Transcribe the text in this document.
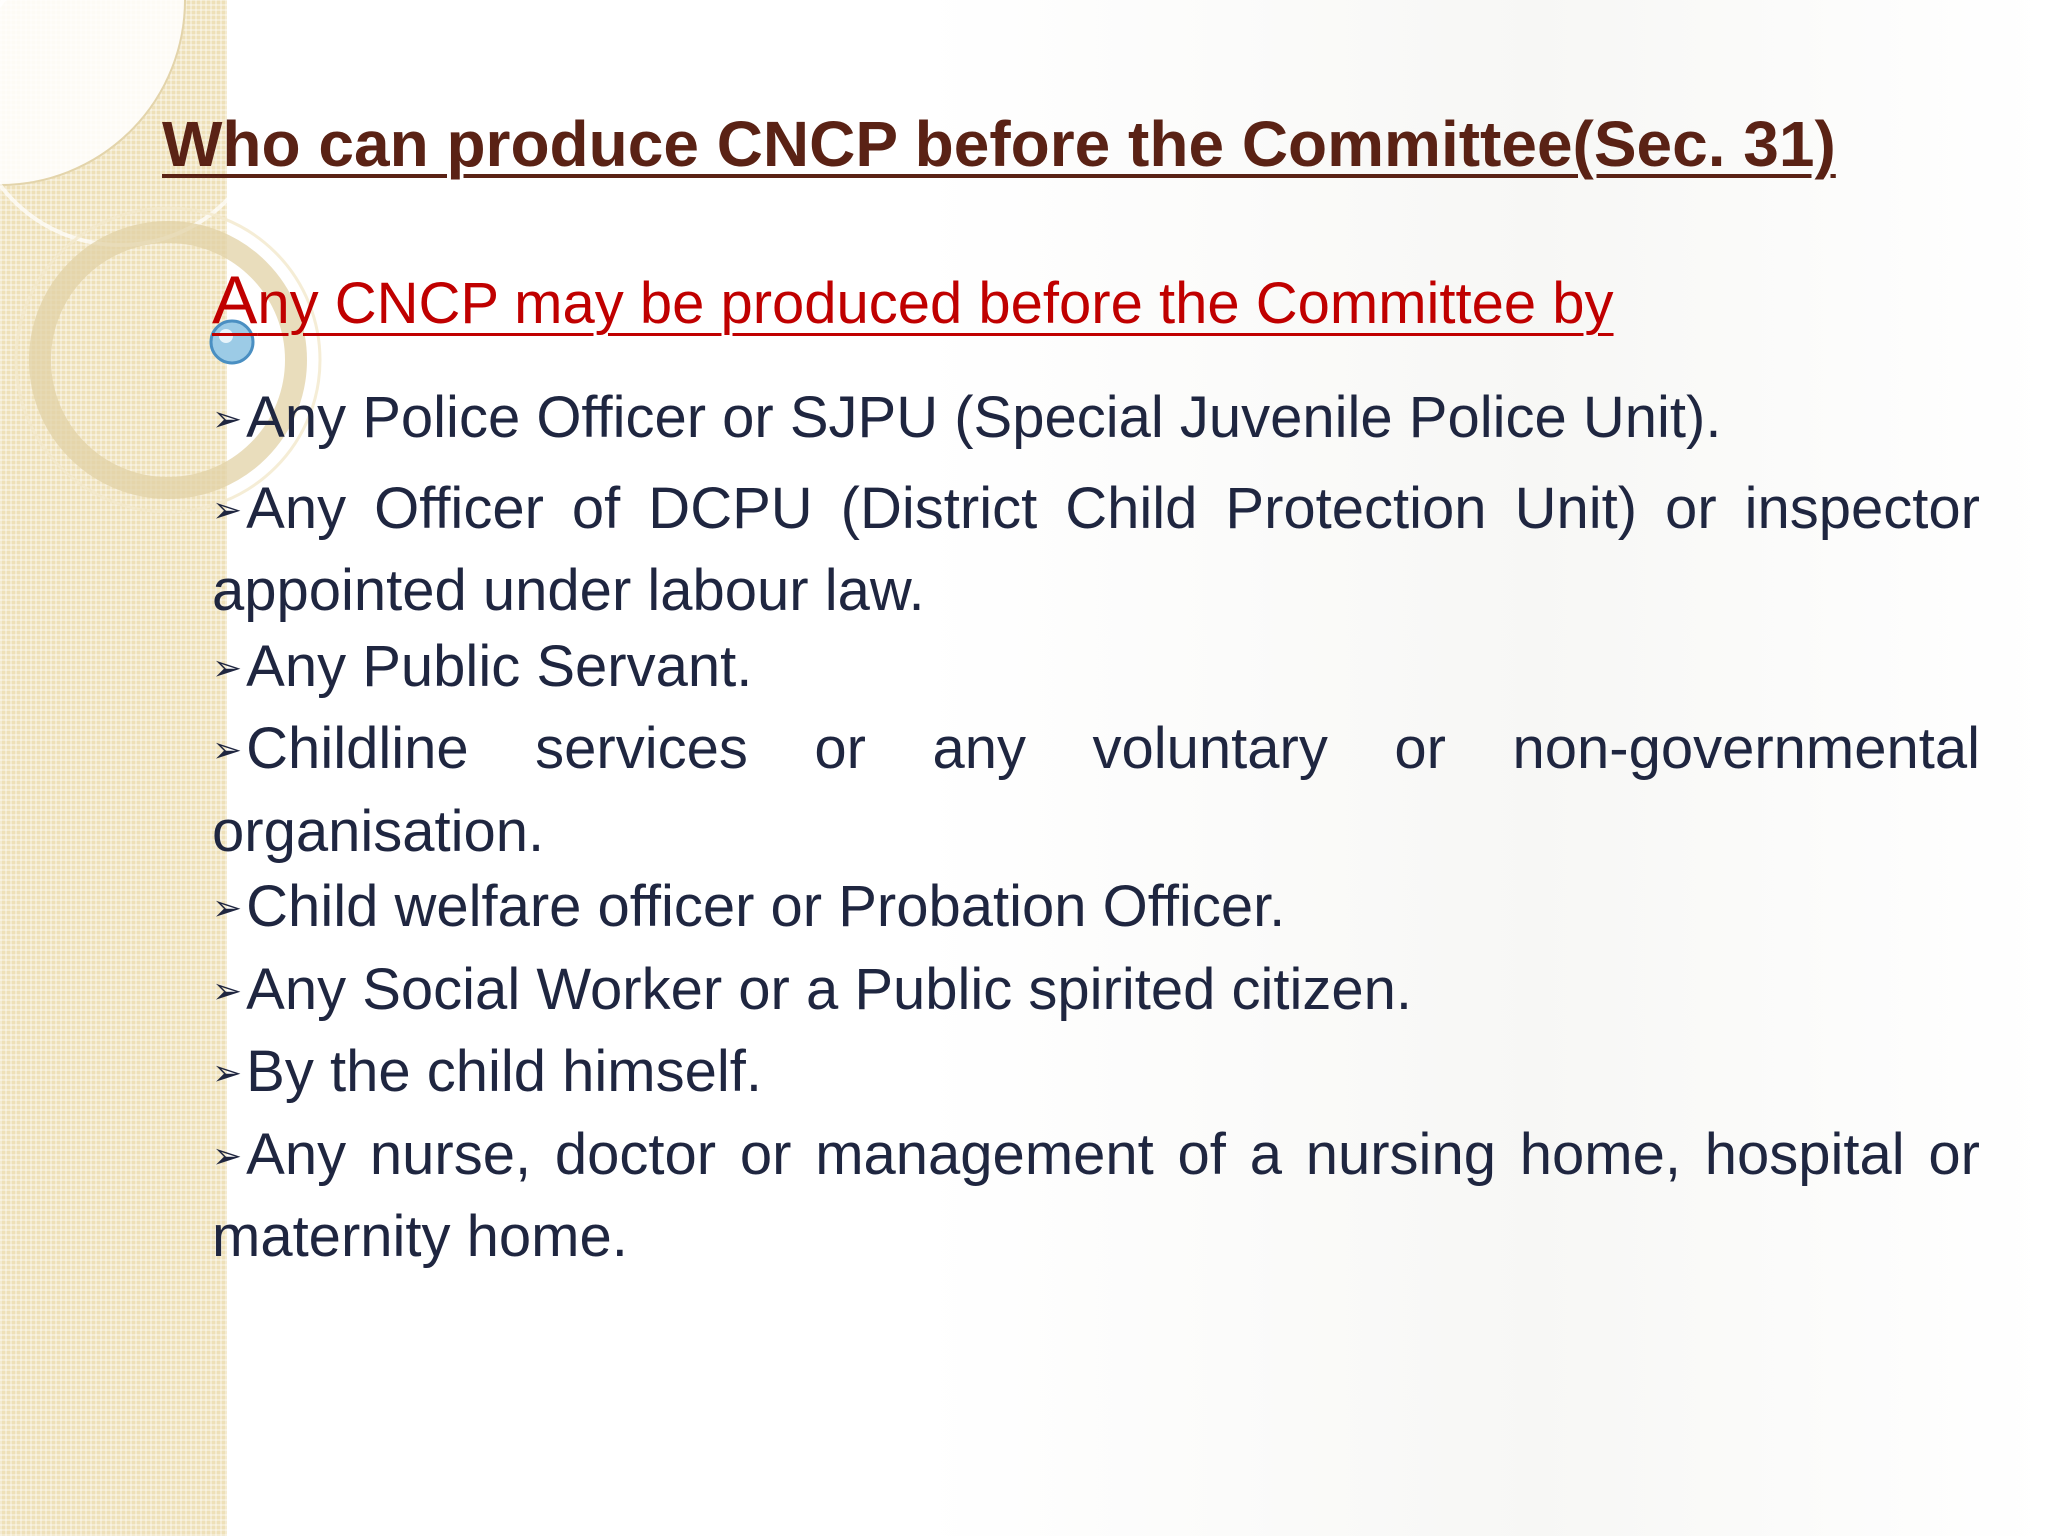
Who can produce CNCP before the Committee(Sec. 31)
Any CNCP may be produced before the Committee by
➢Any Police Officer or SJPU (Special Juvenile Police Unit).
➢Any Officer of DCPU (District Child Protection Unit) or inspector appointed under labour law.
➢Any Public Servant.
➢Childline services or any voluntary or non-governmental organisation.
➢Child welfare officer or Probation Officer.
➢Any Social Worker or a Public spirited citizen.
➢By the child himself.
➢Any nurse, doctor or management of a nursing home, hospital or maternity home.
